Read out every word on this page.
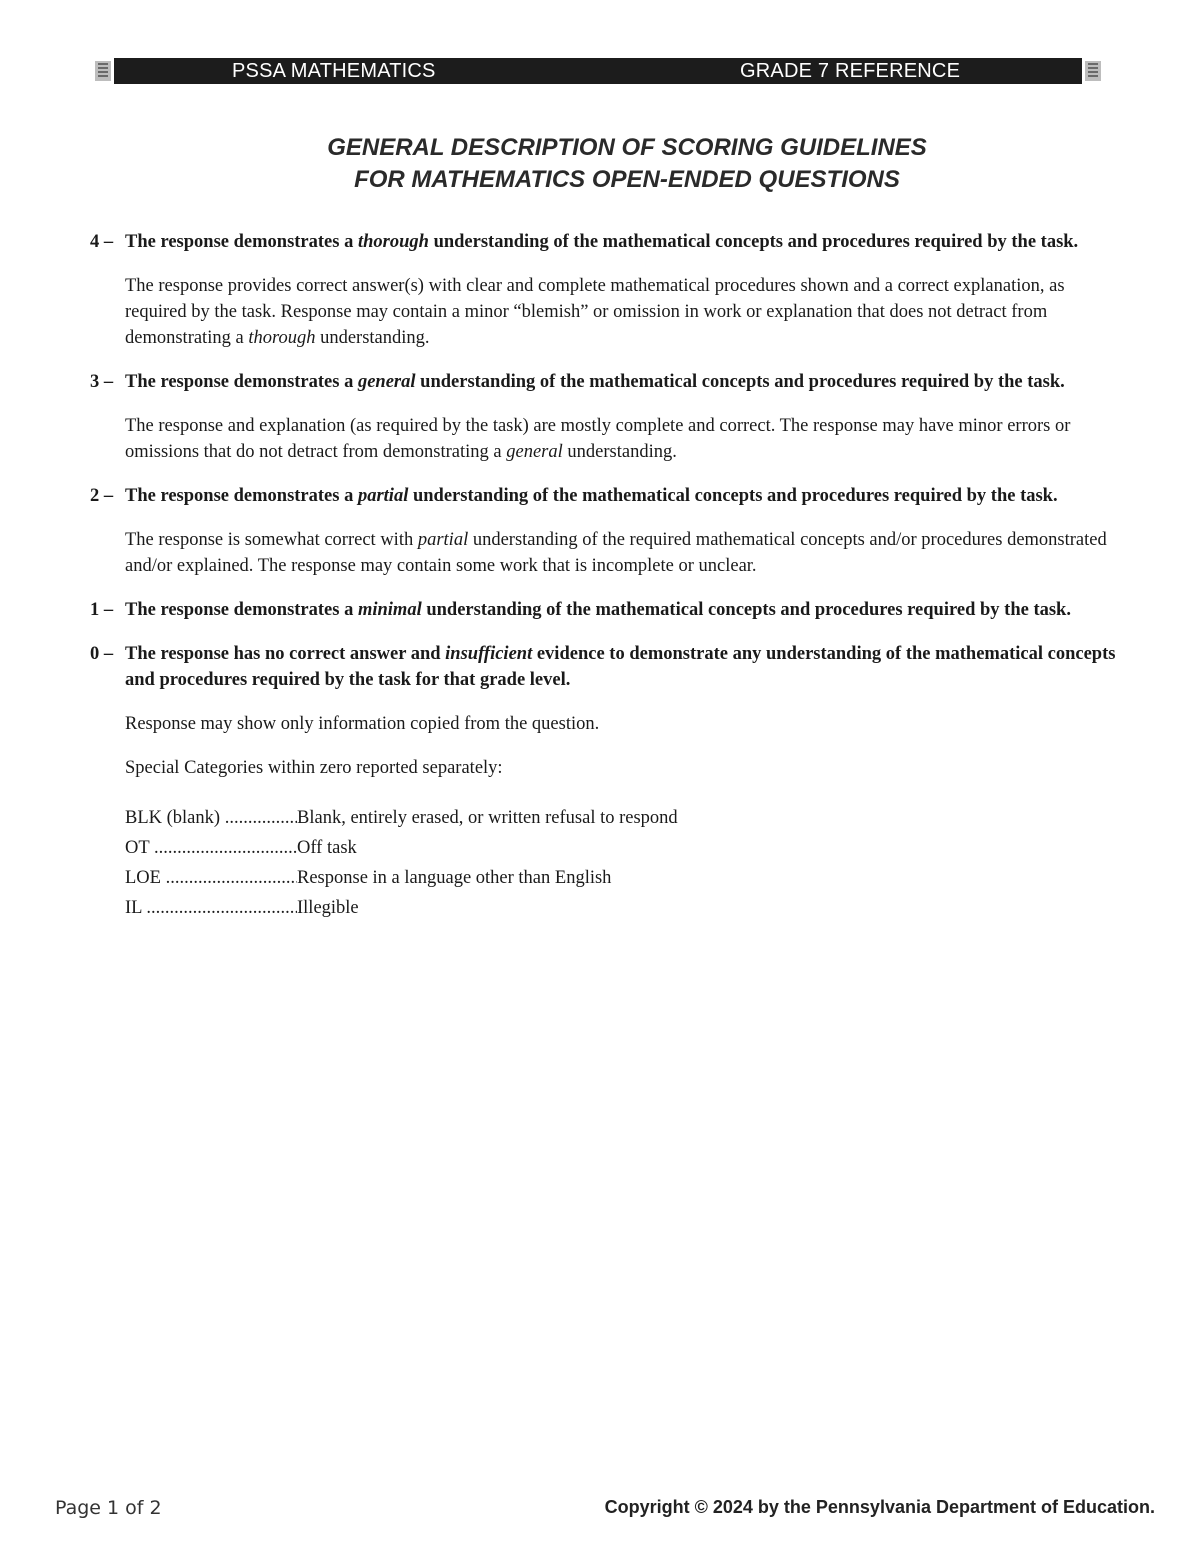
PSSA MATHEMATICS	GRADE 7 REFERENCE
GENERAL DESCRIPTION OF SCORING GUIDELINES
FOR MATHEMATICS OPEN-ENDED QUESTIONS
4 – The response demonstrates a thorough understanding of the mathematical concepts and procedures required by the task.
The response provides correct answer(s) with clear and complete mathematical procedures shown and a correct explanation, as required by the task. Response may contain a minor “blemish” or omission in work or explanation that does not detract from demonstrating a thorough understanding.
3 – The response demonstrates a general understanding of the mathematical concepts and procedures required by the task.
The response and explanation (as required by the task) are mostly complete and correct. The response may have minor errors or omissions that do not detract from demonstrating a general understanding.
2 – The response demonstrates a partial understanding of the mathematical concepts and procedures required by the task.
The response is somewhat correct with partial understanding of the required mathematical concepts and/or procedures demonstrated and/or explained. The response may contain some work that is incomplete or unclear.
1 – The response demonstrates a minimal understanding of the mathematical concepts and procedures required by the task.
0 – The response has no correct answer and insufficient evidence to demonstrate any understanding of the mathematical concepts and procedures required by the task for that grade level.
Response may show only information copied from the question.
Special Categories within zero reported separately:
BLK (blank) .....	Blank, entirely erased, or written refusal to respond
OT .....	Off task
LOE .....	Response in a language other than English
IL .....	Illegible
Page 1 of 2	Copyright © 2024 by the Pennsylvania Department of Education.
